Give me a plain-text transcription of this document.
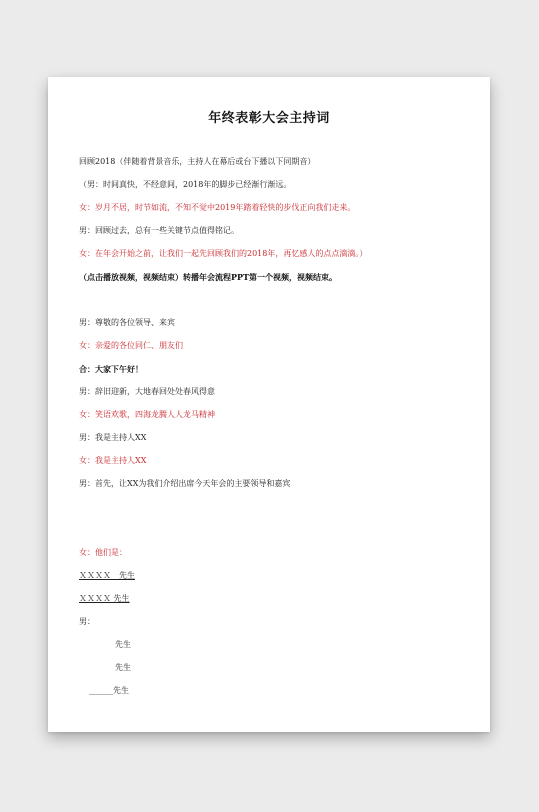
年终表彰大会主持词
回顾2018（伴随着背景音乐，主持人在幕后或台下播以下同期音）
（男：时间真快，不经意间，2018年的脚步已经渐行渐远。
女：岁月不居，时节如流，不知不觉中2019年踏着轻快的步伐正向我们走来。
男：回顾过去，总有一些关键节点值得铭记。
女：在年会开始之前，让我们一起先回顾我们的2018年，再忆感人的点点滴滴。）
（点击播放视频，视频结束）转播年会流程PPT第一个视频，视频结束。
男：尊敬的各位领导、来宾
女：亲爱的各位同仁、朋友们
合：大家下午好！
男：辞旧迎新，大地春回处处春风得意
女：笑语欢歌，四海龙腾人人龙马精神
男：我是主持人XX
女：我是主持人XX
男：首先，让XX为我们介绍出席今天年会的主要领导和嘉宾
女：他们是：
ＸＸＸＸ　先生
ＸＸＸＸ 先生
男：
先生
先生
______先生
